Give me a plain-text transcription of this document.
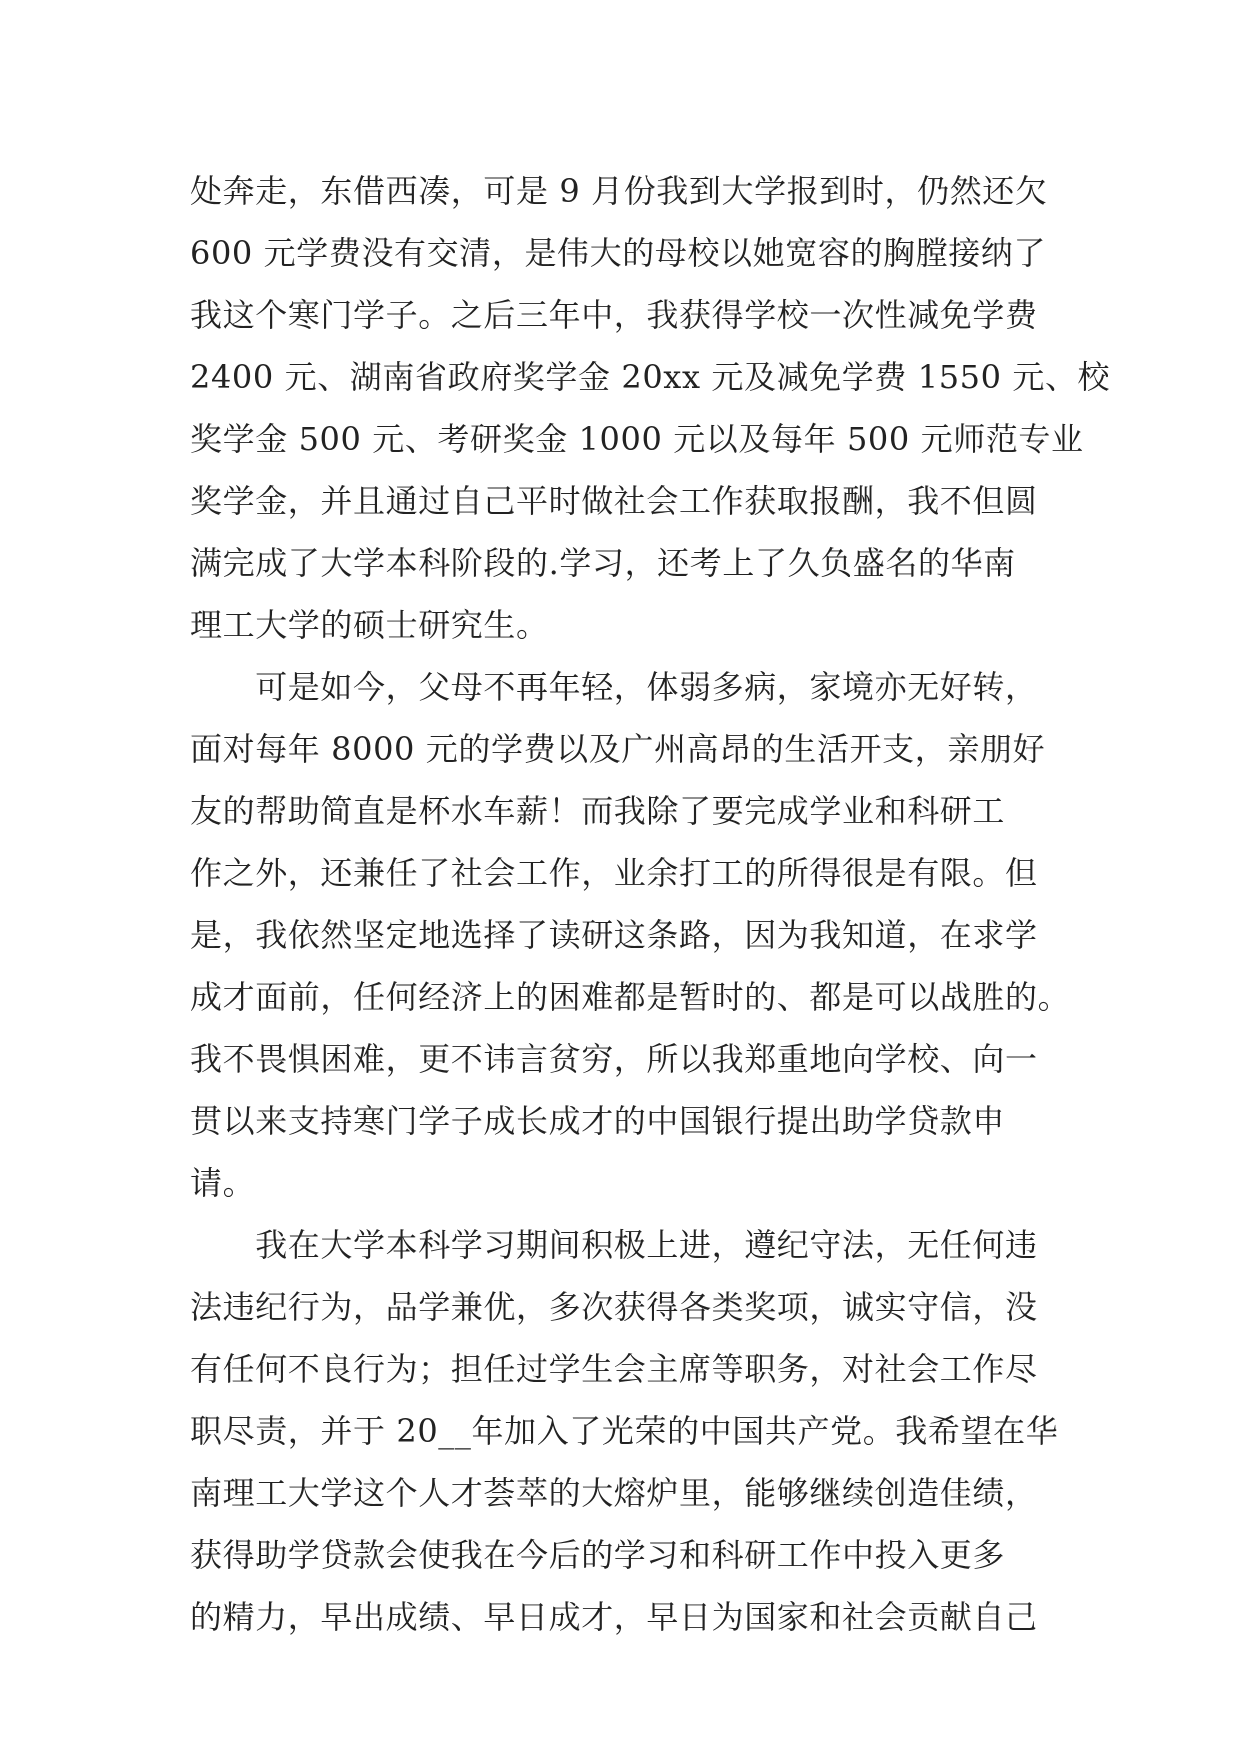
处奔走，东借西凑，可是 9 月份我到大学报到时，仍然还欠
600 元学费没有交清，是伟大的母校以她宽容的胸膛接纳了
我这个寒门学子。之后三年中，我获得学校一次性减免学费
2400 元、湖南省政府奖学金 20xx 元及减免学费 1550 元、校
奖学金 500 元、考研奖金 1000 元以及每年 500 元师范专业
奖学金，并且通过自己平时做社会工作获取报酬，我不但圆
满完成了大学本科阶段的.学习，还考上了久负盛名的华南
理工大学的硕士研究生。
　　可是如今，父母不再年轻，体弱多病，家境亦无好转，
面对每年 8000 元的学费以及广州高昂的生活开支，亲朋好
友的帮助简直是杯水车薪！而我除了要完成学业和科研工
作之外，还兼任了社会工作，业余打工的所得很是有限。但
是，我依然坚定地选择了读研这条路，因为我知道，在求学
成才面前，任何经济上的困难都是暂时的、都是可以战胜的。
我不畏惧困难，更不讳言贫穷，所以我郑重地向学校、向一
贯以来支持寒门学子成长成才的中国银行提出助学贷款申
请。
　　我在大学本科学习期间积极上进，遵纪守法，无任何违
法违纪行为，品学兼优，多次获得各类奖项，诚实守信，没
有任何不良行为；担任过学生会主席等职务，对社会工作尽
职尽责，并于 20__年加入了光荣的中国共产党。我希望在华
南理工大学这个人才荟萃的大熔炉里，能够继续创造佳绩，
获得助学贷款会使我在今后的学习和科研工作中投入更多
的精力，早出成绩、早日成才，早日为国家和社会贡献自己
